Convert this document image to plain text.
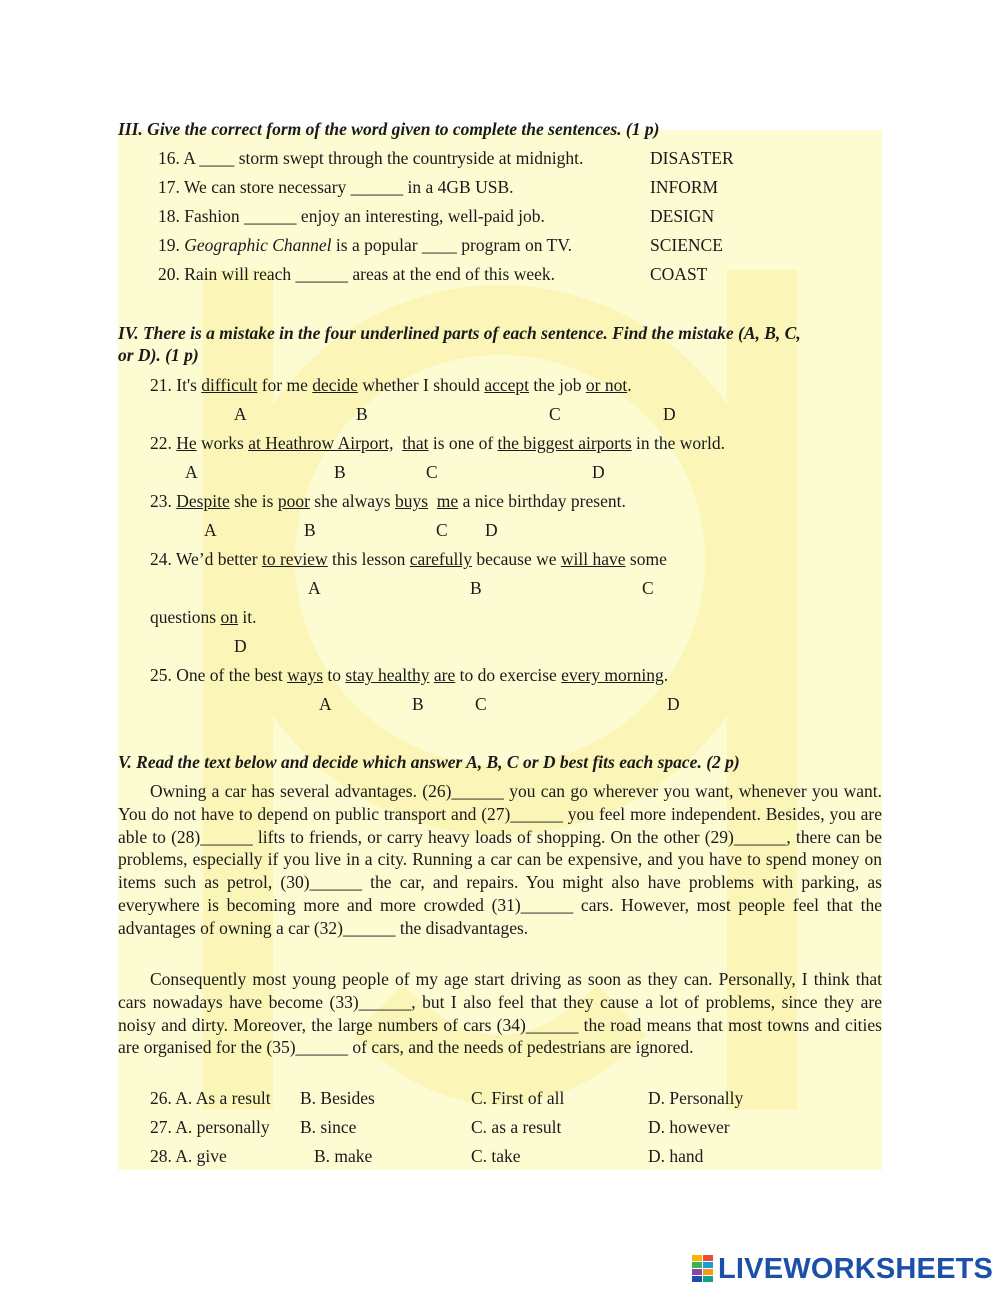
III. Give the correct form of the word given to complete the sentences. (1 p)
16. A ____ storm swept through the countryside at midnight.	DISASTER
17. We can store necessary ______ in a 4GB USB.	INFORM
18. Fashion ______ enjoy an interesting, well-paid job.	DESIGN
19. Geographic Channel is a popular ____ program on TV.	SCIENCE
20. Rain will reach ______ areas at the end of this week.	COAST
IV. There is a mistake in the four underlined parts of each sentence. Find the mistake (A, B, C,
or D). (1 p)
21. It's difficult for me decide whether I should accept the job or not.
A	B	C	D
22. He works at Heathrow Airport, that is one of the biggest airports in the world.
A	B	C	D
23. Despite she is poor she always buys me a nice birthday present.
A	B	C D
24. We’d better to review this lesson carefully because we will have some
A	B	C
questions on it.
D
25. One of the best ways to stay healthy are to do exercise every morning.
A	B	C	D
V. Read the text below and decide which answer A, B, C or D best fits each space. (2 p)
Owning a car has several advantages. (26)______ you can go wherever you want, whenever you want. You do not have to depend on public transport and (27)______ you feel more independent. Besides, you are able to (28)______ lifts to friends, or carry heavy loads of shopping. On the other (29)______, there can be problems, especially if you live in a city. Running a car can be expensive, and you have to spend money on items such as petrol, (30)______ the car, and repairs. You might also have problems with parking, as everywhere is becoming more and more crowded (31)______ cars. However, most people feel that the advantages of owning a car (32)______ the disadvantages.
Consequently most young people of my age start driving as soon as they can. Personally, I think that cars nowadays have become (33)______, but I also feel that they cause a lot of problems, since they are noisy and dirty. Moreover, the large numbers of cars (34)______ the road means that most towns and cities are organised for the (35)______ of cars, and the needs of pedestrians are ignored.
26. A. As a result B. Besides	C. First of all	D. Personally
27. A. personally B. since	C. as a result	D. however
28. A. give	B. make	C. take	D. hand
LIVEWORKSHEETS
